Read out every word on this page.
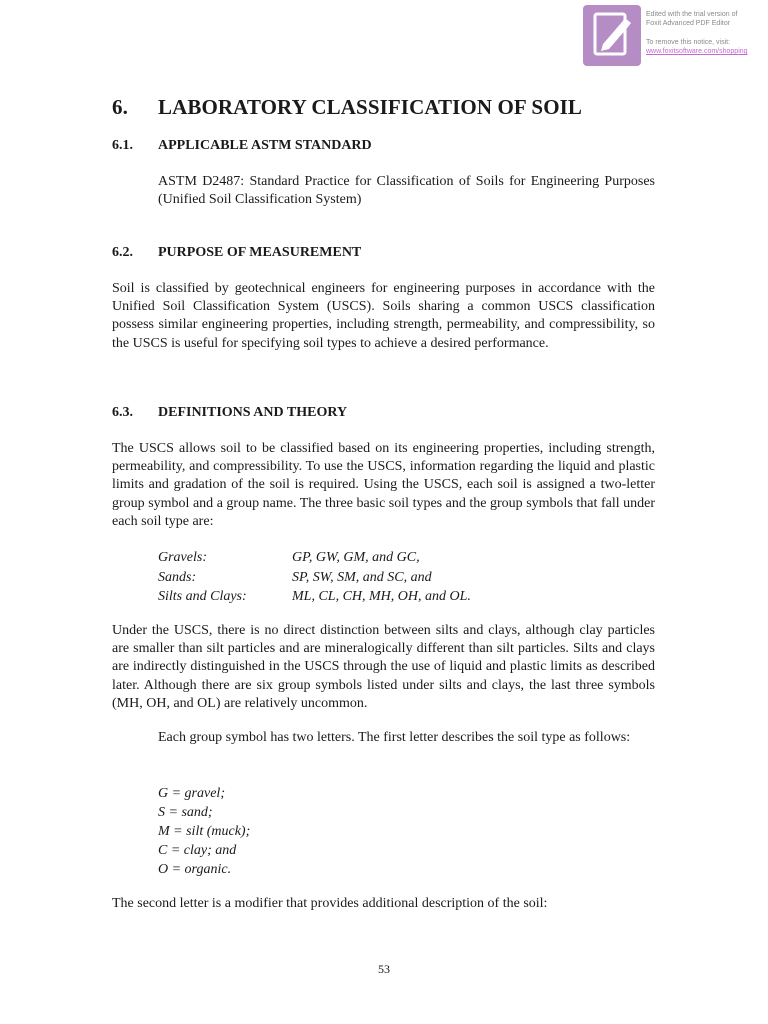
Edited with the trial version of
Foxit Advanced PDF Editor
To remove this notice, visit:
www.foxitsoftware.com/shopping
6. LABORATORY CLASSIFICATION OF SOIL
6.1. APPLICABLE ASTM STANDARD
ASTM D2487: Standard Practice for Classification of Soils for Engineering Purposes (Unified Soil Classification System)
6.2. PURPOSE OF MEASUREMENT
Soil is classified by geotechnical engineers for engineering purposes in accordance with the Unified Soil Classification System (USCS). Soils sharing a common USCS classification possess similar engineering properties, including strength, permeability, and compressibility, so the USCS is useful for specifying soil types to achieve a desired performance.
6.3. DEFINITIONS AND THEORY
The USCS allows soil to be classified based on its engineering properties, including strength, permeability, and compressibility. To use the USCS, information regarding the liquid and plastic limits and gradation of the soil is required. Using the USCS, each soil is assigned a two-letter group symbol and a group name. The three basic soil types and the group symbols that fall under each soil type are:
Gravels:	GP, GW, GM, and GC,
Sands:	SP, SW, SM, and SC, and
Silts and Clays:	ML, CL, CH, MH, OH, and OL.
Under the USCS, there is no direct distinction between silts and clays, although clay particles are smaller than silt particles and are mineralogically different than silt particles. Silts and clays are indirectly distinguished in the USCS through the use of liquid and plastic limits as described later. Although there are six group symbols listed under silts and clays, the last three symbols (MH, OH, and OL) are relatively uncommon.
Each group symbol has two letters. The first letter describes the soil type as follows:
G = gravel;
S = sand;
M = silt (muck);
C = clay; and
O = organic.
The second letter is a modifier that provides additional description of the soil:
53
